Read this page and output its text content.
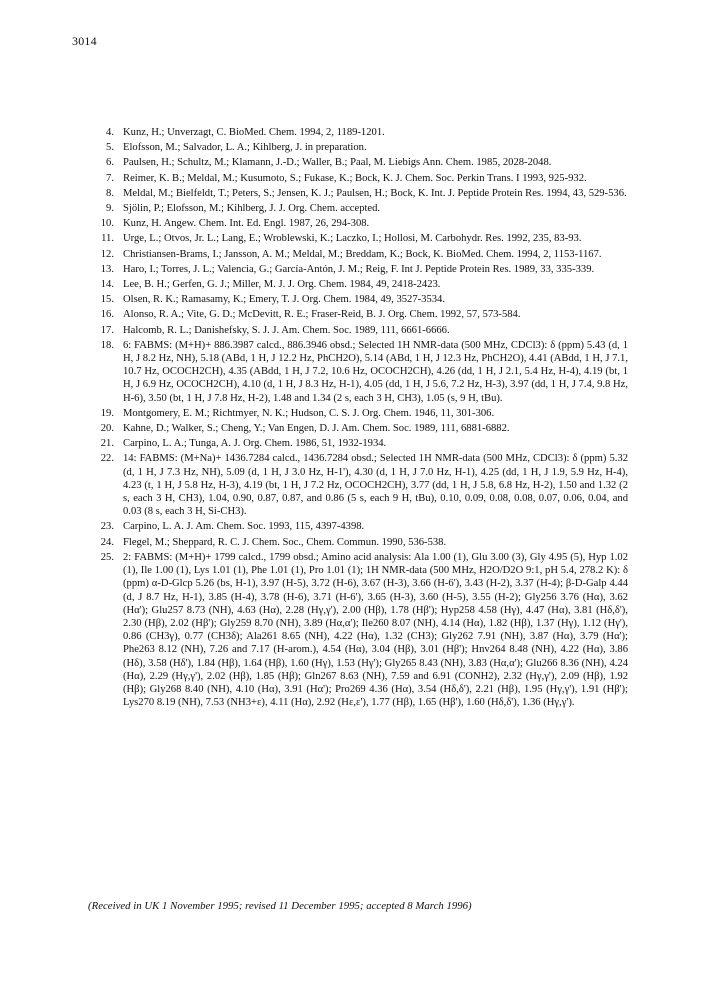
3014
4. Kunz, H.; Unverzagt, C. BioMed. Chem. 1994, 2, 1189-1201.
5. Elofsson, M.; Salvador, L. A.; Kihlberg, J. in preparation.
6. Paulsen, H.; Schultz, M.; Klamann, J.-D.; Waller, B.; Paal, M. Liebigs Ann. Chem. 1985, 2028-2048.
7. Reimer, K. B.; Meldal, M.; Kusumoto, S.; Fukase, K.; Bock, K. J. Chem. Soc. Perkin Trans. I 1993, 925-932.
8. Meldal, M.; Bielfeldt, T.; Peters, S.; Jensen, K. J.; Paulsen, H.; Bock, K. Int. J. Peptide Protein Res. 1994, 43, 529-536.
9. Sjölin, P.; Elofsson, M.; Kihlberg, J. J. Org. Chem. accepted.
10. Kunz, H. Angew. Chem. Int. Ed. Engl. 1987, 26, 294-308.
11. Urge, L.; Otvos, Jr. L.; Lang, E.; Wroblewski, K.; Laczko, I.; Hollosi, M. Carbohydr. Res. 1992, 235, 83-93.
12. Christiansen-Brams, I.; Jansson, A. M.; Meldal, M.; Breddam, K.; Bock, K. BioMed. Chem. 1994, 2, 1153-1167.
13. Haro, I.; Torres, J. L.; Valencia, G.; García-Antón, J. M.; Reig, F. Int J. Peptide Protein Res. 1989, 33, 335-339.
14. Lee, B. H.; Gerfen, G. J.; Miller, M. J. J. Org. Chem. 1984, 49, 2418-2423.
15. Olsen, R. K.; Ramasamy, K.; Emery, T. J. Org. Chem. 1984, 49, 3527-3534.
16. Alonso, R. A.; Vite, G. D.; McDevitt, R. E.; Fraser-Reid, B. J. Org. Chem. 1992, 57, 573-584.
17. Halcomb, R. L.; Danishefsky, S. J. J. Am. Chem. Soc. 1989, 111, 6661-6666.
18. 6: FABMS: (M+H)+ 886.3987 calcd., 886.3946 obsd.; Selected 1H NMR-data (500 MHz, CDCl3): δ (ppm) 5.43 (d, 1 H, J 8.2 Hz, NH), 5.18 (ABd, 1 H, J 12.2 Hz, PhCH2O), 5.14 (ABd, 1 H, J 12.3 Hz, PhCH2O), 4.41 (ABdd, 1 H, J 7.1, 10.7 Hz, OCOCH2CH), 4.35 (ABdd, 1 H, J 7.2, 10.6 Hz, OCOCH2CH), 4.26 (dd, 1 H, J 2.1, 5.4 Hz, H-4), 4.19 (bt, 1 H, J 6.9 Hz, OCOCH2CH), 4.10 (d, 1 H, J 8.3 Hz, H-1), 4.05 (dd, 1 H, J 5.6, 7.2 Hz, H-3), 3.97 (dd, 1 H, J 7.4, 9.8 Hz, H-6), 3.50 (bt, 1 H, J 7.8 Hz, H-2), 1.48 and 1.34 (2 s, each 3 H, CH3), 1.05 (s, 9 H, tBu).
19. Montgomery, E. M.; Richtmyer, N. K.; Hudson, C. S. J. Org. Chem. 1946, 11, 301-306.
20. Kahne, D.; Walker, S.; Cheng, Y.; Van Engen, D. J. Am. Chem. Soc. 1989, 111, 6881-6882.
21. Carpino, L. A.; Tunga, A. J. Org. Chem. 1986, 51, 1932-1934.
22. 14: FABMS: (M+Na)+ 1436.7284 calcd., 1436.7284 obsd.; Selected 1H NMR-data (500 MHz, CDCl3): δ (ppm) 5.32 (d, 1 H, J 7.3 Hz, NH), 5.09 (d, 1 H, J 3.0 Hz, H-1'), 4.30 (d, 1 H, J 7.0 Hz, H-1), 4.25 (dd, 1 H, J 1.9, 5.9 Hz, H-4), 4.23 (t, 1 H, J 5.8 Hz, H-3), 4.19 (bt, 1 H, J 7.2 Hz, OCOCH2CH), 3.77 (dd, 1 H, J 5.8, 6.8 Hz, H-2), 1.50 and 1.32 (2 s, each 3 H, CH3), 1.04, 0.90, 0.87, 0.87, and 0.86 (5 s, each 9 H, tBu), 0.10, 0.09, 0.08, 0.08, 0.07, 0.06, 0.04, and 0.03 (8 s, each 3 H, Si-CH3).
23. Carpino, L. A. J. Am. Chem. Soc. 1993, 115, 4397-4398.
24. Flegel, M.; Sheppard, R. C. J. Chem. Soc., Chem. Commun. 1990, 536-538.
25. 2: FABMS: (M+H)+ 1799 calcd., 1799 obsd.; Amino acid analysis: Ala 1.00 (1), Glu 3.00 (3), Gly 4.95 (5), Hyp 1.02 (1), Ile 1.00 (1), Lys 1.01 (1), Phe 1.01 (1), Pro 1.01 (1); 1H NMR-data (500 MHz, H2O/D2O 9:1, pH 5.4, 278.2 K): δ (ppm) α-D-Glcp 5.26 (bs, H-1), 3.97 (H-5), 3.72 (H-6), 3.67 (H-3), 3.66 (H-6'), 3.43 (H-2), 3.37 (H-4); β-D-Galp 4.44 (d, J 8.7 Hz, H-1), 3.85 (H-4), 3.78 (H-6), 3.71 (H-6'), 3.65 (H-3), 3.60 (H-5), 3.55 (H-2); Gly256 3.76 (Hα), 3.62 (Hα'); Glu257 8.73 (NH), 4.63 (Hα), 2.28 (Hγ,γ'), 2.00 (Hβ), 1.78 (Hβ'); Hyp258 4.58 (Hγ), 4.47 (Hα), 3.81 (Hδ,δ'), 2.30 (Hβ), 2.02 (Hβ'); Gly259 8.70 (NH), 3.89 (Hα,α'); Ile260 8.07 (NH), 4.14 (Hα), 1.82 (Hβ), 1.37 (Hγ), 1.12 (Hγ'), 0.86 (CH3γ), 0.77 (CH3δ); Ala261 8.65 (NH), 4.22 (Hα), 1.32 (CH3); Gly262 7.91 (NH), 3.87 (Hα), 3.79 (Hα'); Phe263 8.12 (NH), 7.26 and 7.17 (H-arom.), 4.54 (Hα), 3.04 (Hβ), 3.01 (Hβ'); Hnv264 8.48 (NH), 4.22 (Hα), 3.86 (Hδ), 3.58 (Hδ'), 1.84 (Hβ), 1.64 (Hβ), 1.60 (Hγ), 1.53 (Hγ'); Gly265 8.43 (NH), 3.83 (Hα,α'); Glu266 8.36 (NH), 4.24 (Hα), 2.29 (Hγ,γ'), 2.02 (Hβ), 1.85 (Hβ); Gln267 8.63 (NH), 7.59 and 6.91 (CONH2), 2.32 (Hγ,γ'), 2.09 (Hβ), 1.92 (Hβ); Gly268 8.40 (NH), 4.10 (Hα), 3.91 (Hα'); Pro269 4.36 (Hα), 3.54 (Hδ,δ'), 2.21 (Hβ), 1.95 (Hγ,γ'), 1.91 (Hβ'); Lys270 8.19 (NH), 7.53 (NH3+ε), 4.11 (Hα), 2.92 (Hε,ε'), 1.77 (Hβ), 1.65 (Hβ'), 1.60 (Hδ,δ'), 1.36 (Hγ,γ').
(Received in UK 1 November 1995; revised 11 December 1995; accepted 8 March 1996)
